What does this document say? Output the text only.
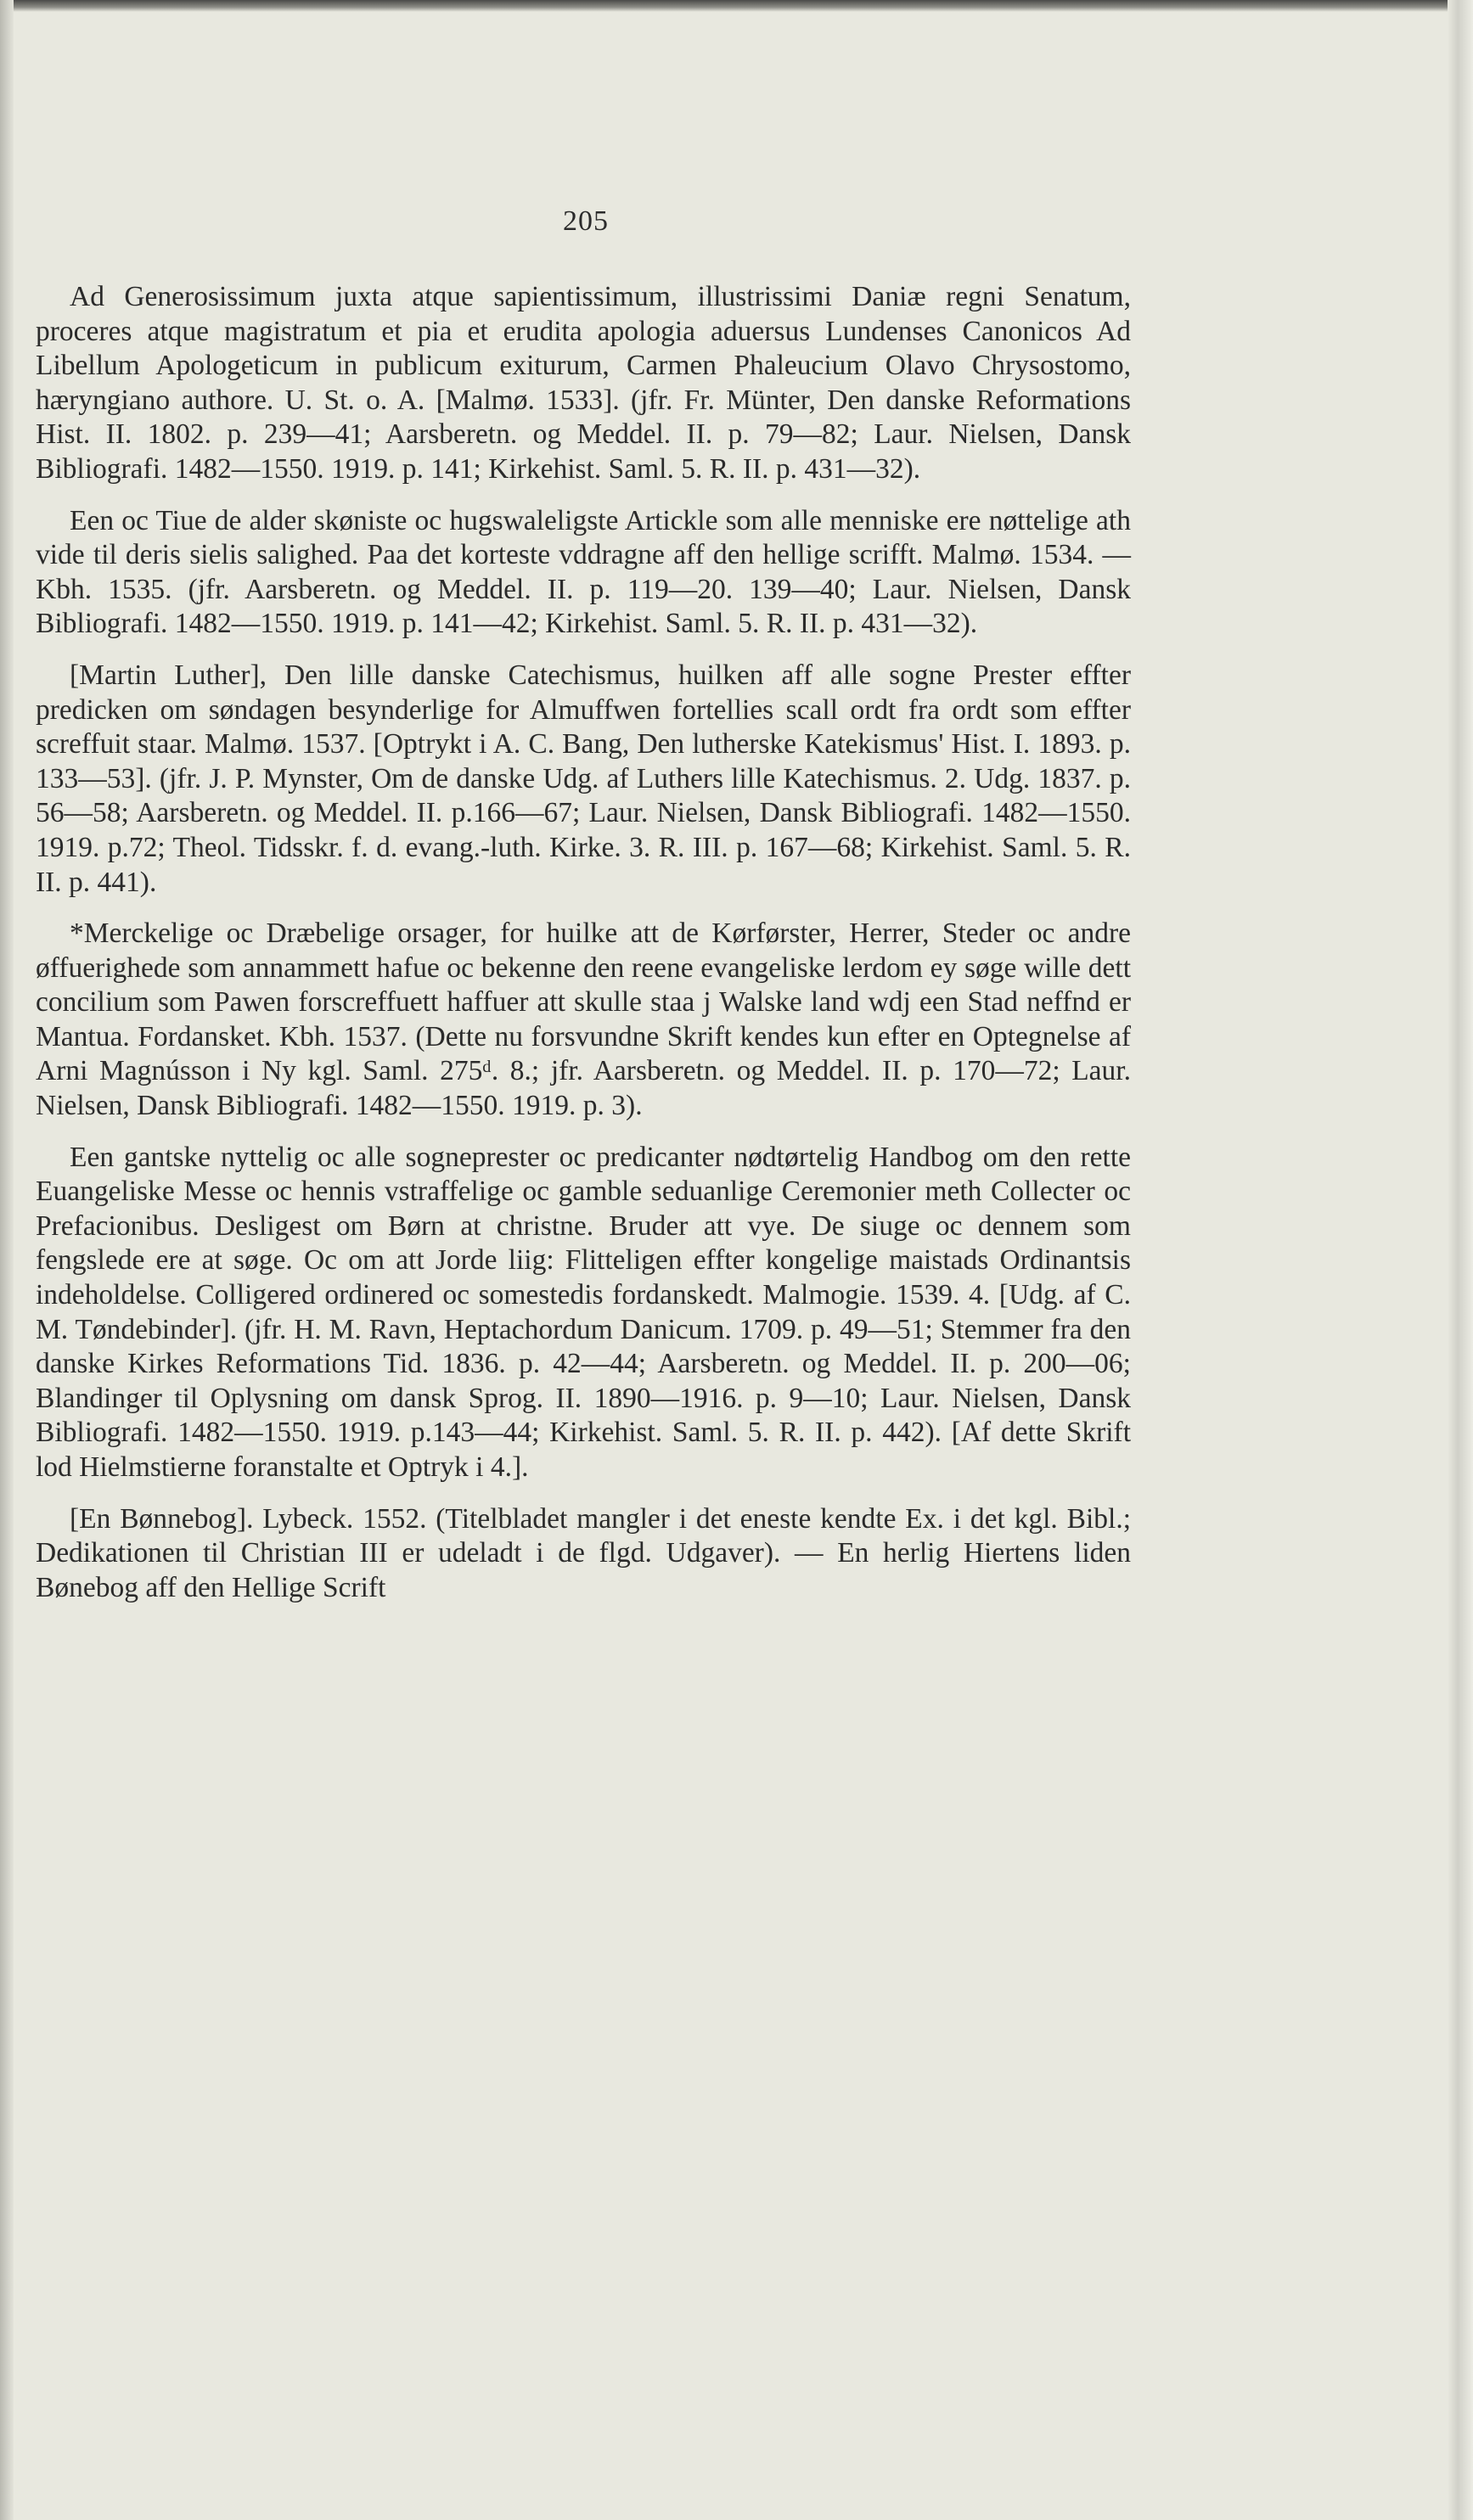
205

Ad Generosissimum juxta atque sapientissimum, illustrissimi Daniæ regni Senatum, proceres atque magistratum et pia et erudita apologia aduersus Lundenses Canonicos Ad Libellum Apologeticum in publicum exiturum, Carmen Phaleucium Olavo Chrysostomo, hæryngiano authore. U. St. o. A. [Malmø. 1533]. (jfr. Fr. Münter, Den danske Reformations Hist. II. 1802. p. 239—41; Aarsberetn. og Meddel. II. p. 79—82; Laur. Nielsen, Dansk Bibliografi. 1482—1550. 1919. p. 141; Kirkehist. Saml. 5. R. II. p. 431—32).

Een oc Tiue de alder skøniste oc hugswaleligste Artickle som alle menniske ere nøttelige ath vide til deris sielis salighed. Paa det korteste vddragne aff den hellige scrifft. Malmø. 1534. — Kbh. 1535. (jfr. Aarsberetn. og Meddel. II. p. 119—20. 139—40; Laur. Nielsen, Dansk Bibliografi. 1482—1550. 1919. p. 141—42; Kirkehist. Saml. 5. R. II. p. 431—32).

[Martin Luther], Den lille danske Catechismus, huilken aff alle sogne Prester effter predicken om søndagen besynderlige for Almuffwen fortellies scall ordt fra ordt som effter screffuit staar. Malmø. 1537. [Optrykt i A. C. Bang, Den lutherske Katekismus' Hist. I. 1893. p. 133—53]. (jfr. J. P. Mynster, Om de danske Udg. af Luthers lille Katechismus. 2. Udg. 1837. p. 56—58; Aarsberetn. og Meddel. II. p.166—67; Laur. Nielsen, Dansk Bibliografi. 1482—1550. 1919. p.72; Theol. Tidsskr. f. d. evang.-luth. Kirke. 3. R. III. p. 167—68; Kirkehist. Saml. 5. R. II. p. 441).

*Merckelige oc Dræbelige orsager, for huilke att de Kørførster, Herrer, Steder oc andre øffuerighede som annammett hafue oc bekenne den reene evangeliske lerdom ey søge wille dett concilium som Pawen forscreffuett haffuer att skulle staa j Walske land wdj een Stad neffnd er Mantua. Fordansket. Kbh. 1537. (Dette nu forsvundne Skrift kendes kun efter en Optegnelse af Arni Magnússon i Ny kgl. Saml. 275ᵈ. 8.; jfr. Aarsberetn. og Meddel. II. p. 170—72; Laur. Nielsen, Dansk Bibliografi. 1482—1550. 1919. p. 3).

Een gantske nyttelig oc alle sogneprester oc predicanter nødtørtelig Handbog om den rette Euangeliske Messe oc hennis vstraffelige oc gamble seduanlige Ceremonier meth Collecter oc Prefacionibus. Desligest om Børn at christne. Bruder att vye. De siuge oc dennem som fengslede ere at søge. Oc om att Jorde liig: Flitteligen effter kongelige maistads Ordinantsis indeholdelse. Colligered ordinered oc somestedis fordanskedt. Malmogie. 1539. 4. [Udg. af C. M. Tøndebinder]. (jfr. H. M. Ravn, Heptachordum Danicum. 1709. p. 49—51; Stemmer fra den danske Kirkes Reformations Tid. 1836. p. 42—44; Aarsberetn. og Meddel. II. p. 200—06; Blandinger til Oplysning om dansk Sprog. II. 1890—1916. p. 9—10; Laur. Nielsen, Dansk Bibliografi. 1482—1550. 1919. p.143—44; Kirkehist. Saml. 5. R. II. p. 442). [Af dette Skrift lod Hielmstierne foranstalte et Optryk i 4.].

[En Bønnebog]. Lybeck. 1552. (Titelbladet mangler i det eneste kendte Ex. i det kgl. Bibl.; Dedikationen til Christian III er udeladt i de flgd. Udgaver). — En herlig Hiertens liden Bønebog aff den Hellige Scrift
